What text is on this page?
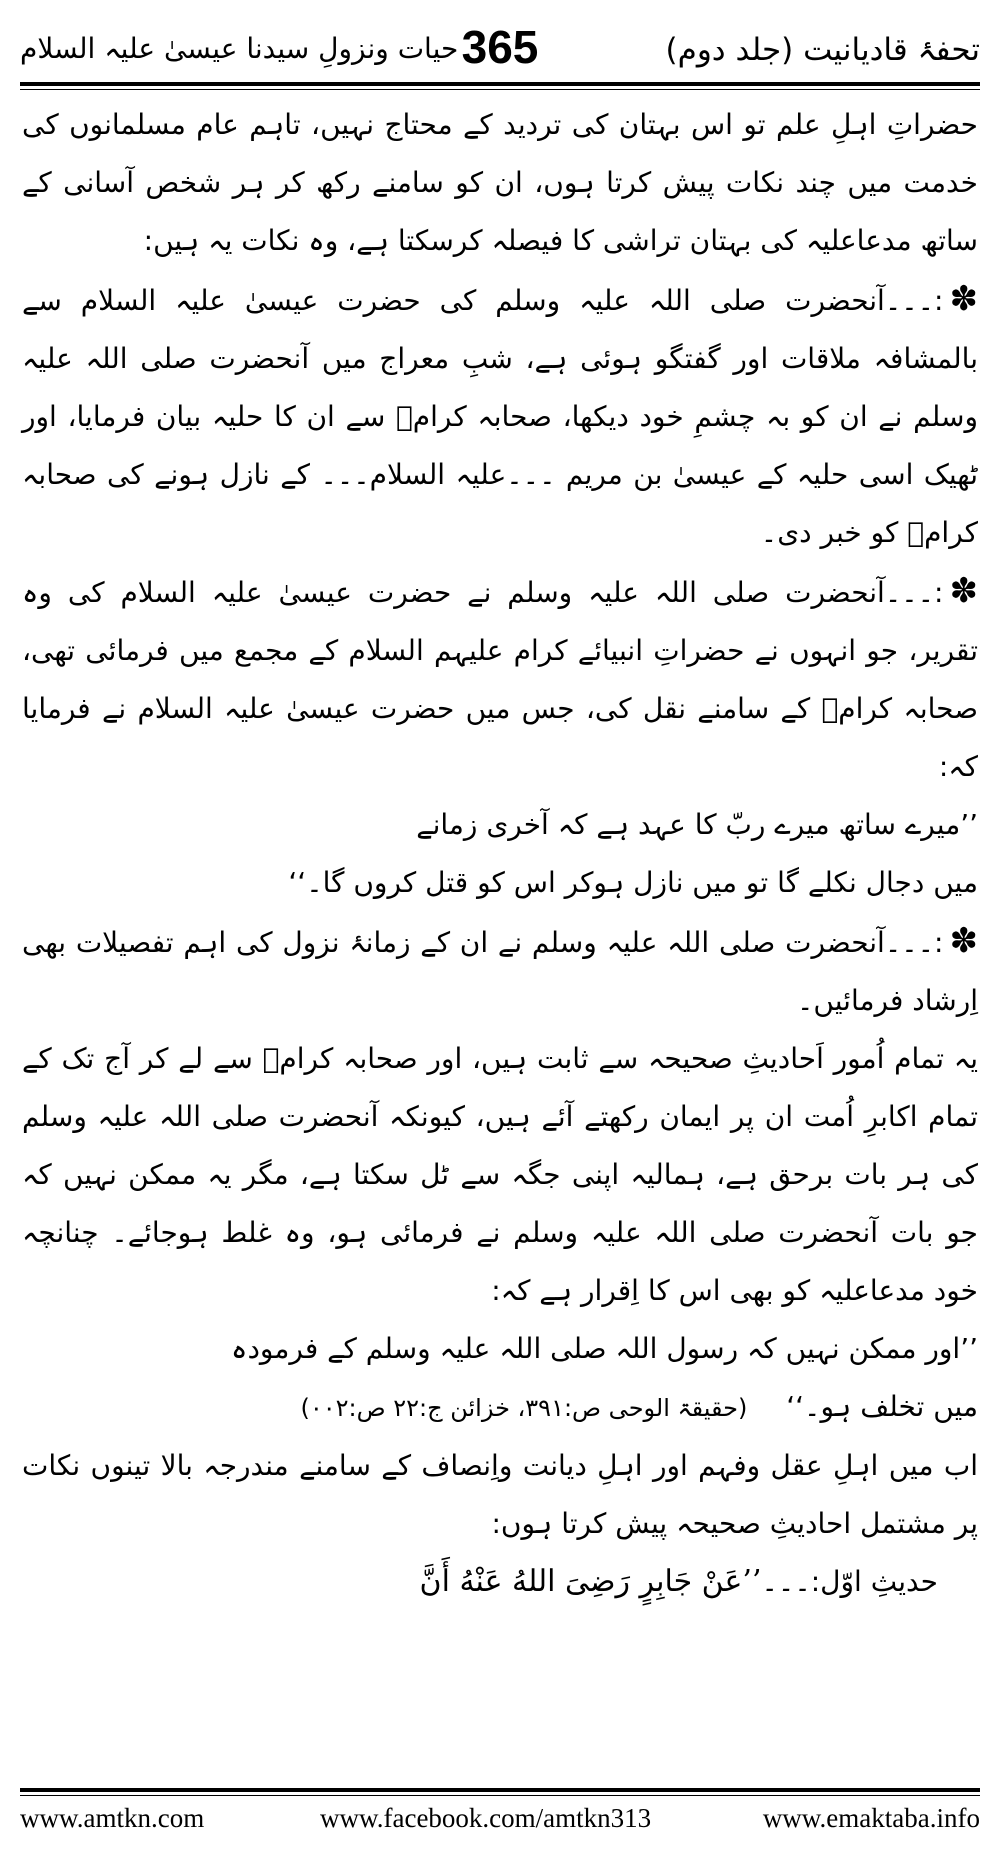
تحفۂ قادیانیت (جلد دوم)
365
حیات ونزولِ سیدنا عیسیٰ علیہ السلام

حضراتِ اہلِ علم تو اس بہتان کی تردید کے محتاج نہیں، تاہم عام مسلمانوں کی خدمت میں چند نکات پیش کرتا ہوں، ان کو سامنے رکھ کر ہر شخص آسانی کے ساتھ مدعاعلیہ کی بہتان تراشی کا فیصلہ کرسکتا ہے، وہ نکات یہ ہیں:

✽:۔۔۔آنحضرت صلی اللہ علیہ وسلم کی حضرت عیسیٰ علیہ السلام سے بالمشافہ ملاقات اور گفتگو ہوئی ہے، شبِ معراج میں آنحضرت صلی اللہ علیہ وسلم نے ان کو بہ چشمِ خود دیکھا، صحابہ کرامؓ سے ان کا حلیہ بیان فرمایا، اور ٹھیک اسی حلیہ کے عیسیٰ بن مریم ۔۔۔علیہ السلام۔۔۔ کے نازل ہونے کی صحابہ کرامؓ کو خبر دی۔

✽:۔۔۔آنحضرت صلی اللہ علیہ وسلم نے حضرت عیسیٰ علیہ السلام کی وہ تقریر، جو انہوں نے حضراتِ انبیائے کرام علیہم السلام کے مجمع میں فرمائی تھی، صحابہ کرامؓ کے سامنے نقل کی، جس میں حضرت عیسیٰ علیہ السلام نے فرمایا کہ:

’’میرے ساتھ میرے ربّ کا عہد ہے کہ آخری زمانے

میں دجال نکلے گا تو میں نازل ہوکر اس کو قتل کروں گا۔‘‘

✽:۔۔۔آنحضرت صلی اللہ علیہ وسلم نے ان کے زمانۂ نزول کی اہم تفصیلات بھی اِرشاد فرمائیں۔

یہ تمام اُمور اَحادیثِ صحیحہ سے ثابت ہیں، اور صحابہ کرامؓ سے لے کر آج تک کے تمام اکابرِ اُمت ان پر ایمان رکھتے آئے ہیں، کیونکہ آنحضرت صلی اللہ علیہ وسلم کی ہر بات برحق ہے، ہمالیہ اپنی جگہ سے ٹل سکتا ہے، مگر یہ ممکن نہیں کہ جو بات آنحضرت صلی اللہ علیہ وسلم نے فرمائی ہو، وہ غلط ہوجائے۔ چنانچہ خود مدعاعلیہ کو بھی اس کا اِقرار ہے کہ:

’’اور ممکن نہیں کہ رسول اللہ صلی اللہ علیہ وسلم کے فرمودہ

میں تخلف ہو۔‘‘ (حقیقۃ الوحی ص:۳۹۱، خزائن ج:۲۲ ص:۰۰۲)

اب میں اہلِ عقل وفہم اور اہلِ دیانت واِنصاف کے سامنے مندرجہ بالا تینوں نکات پر مشتمل احادیثِ صحیحہ پیش کرتا ہوں:

حدیثِ اوّل:۔۔۔’’عَنْ جَابِرٍ رَضِیَ اللهُ عَنْهُ أَنَّ

www.amtkn.com	www.facebook.com/amtkn313	www.emaktaba.info
